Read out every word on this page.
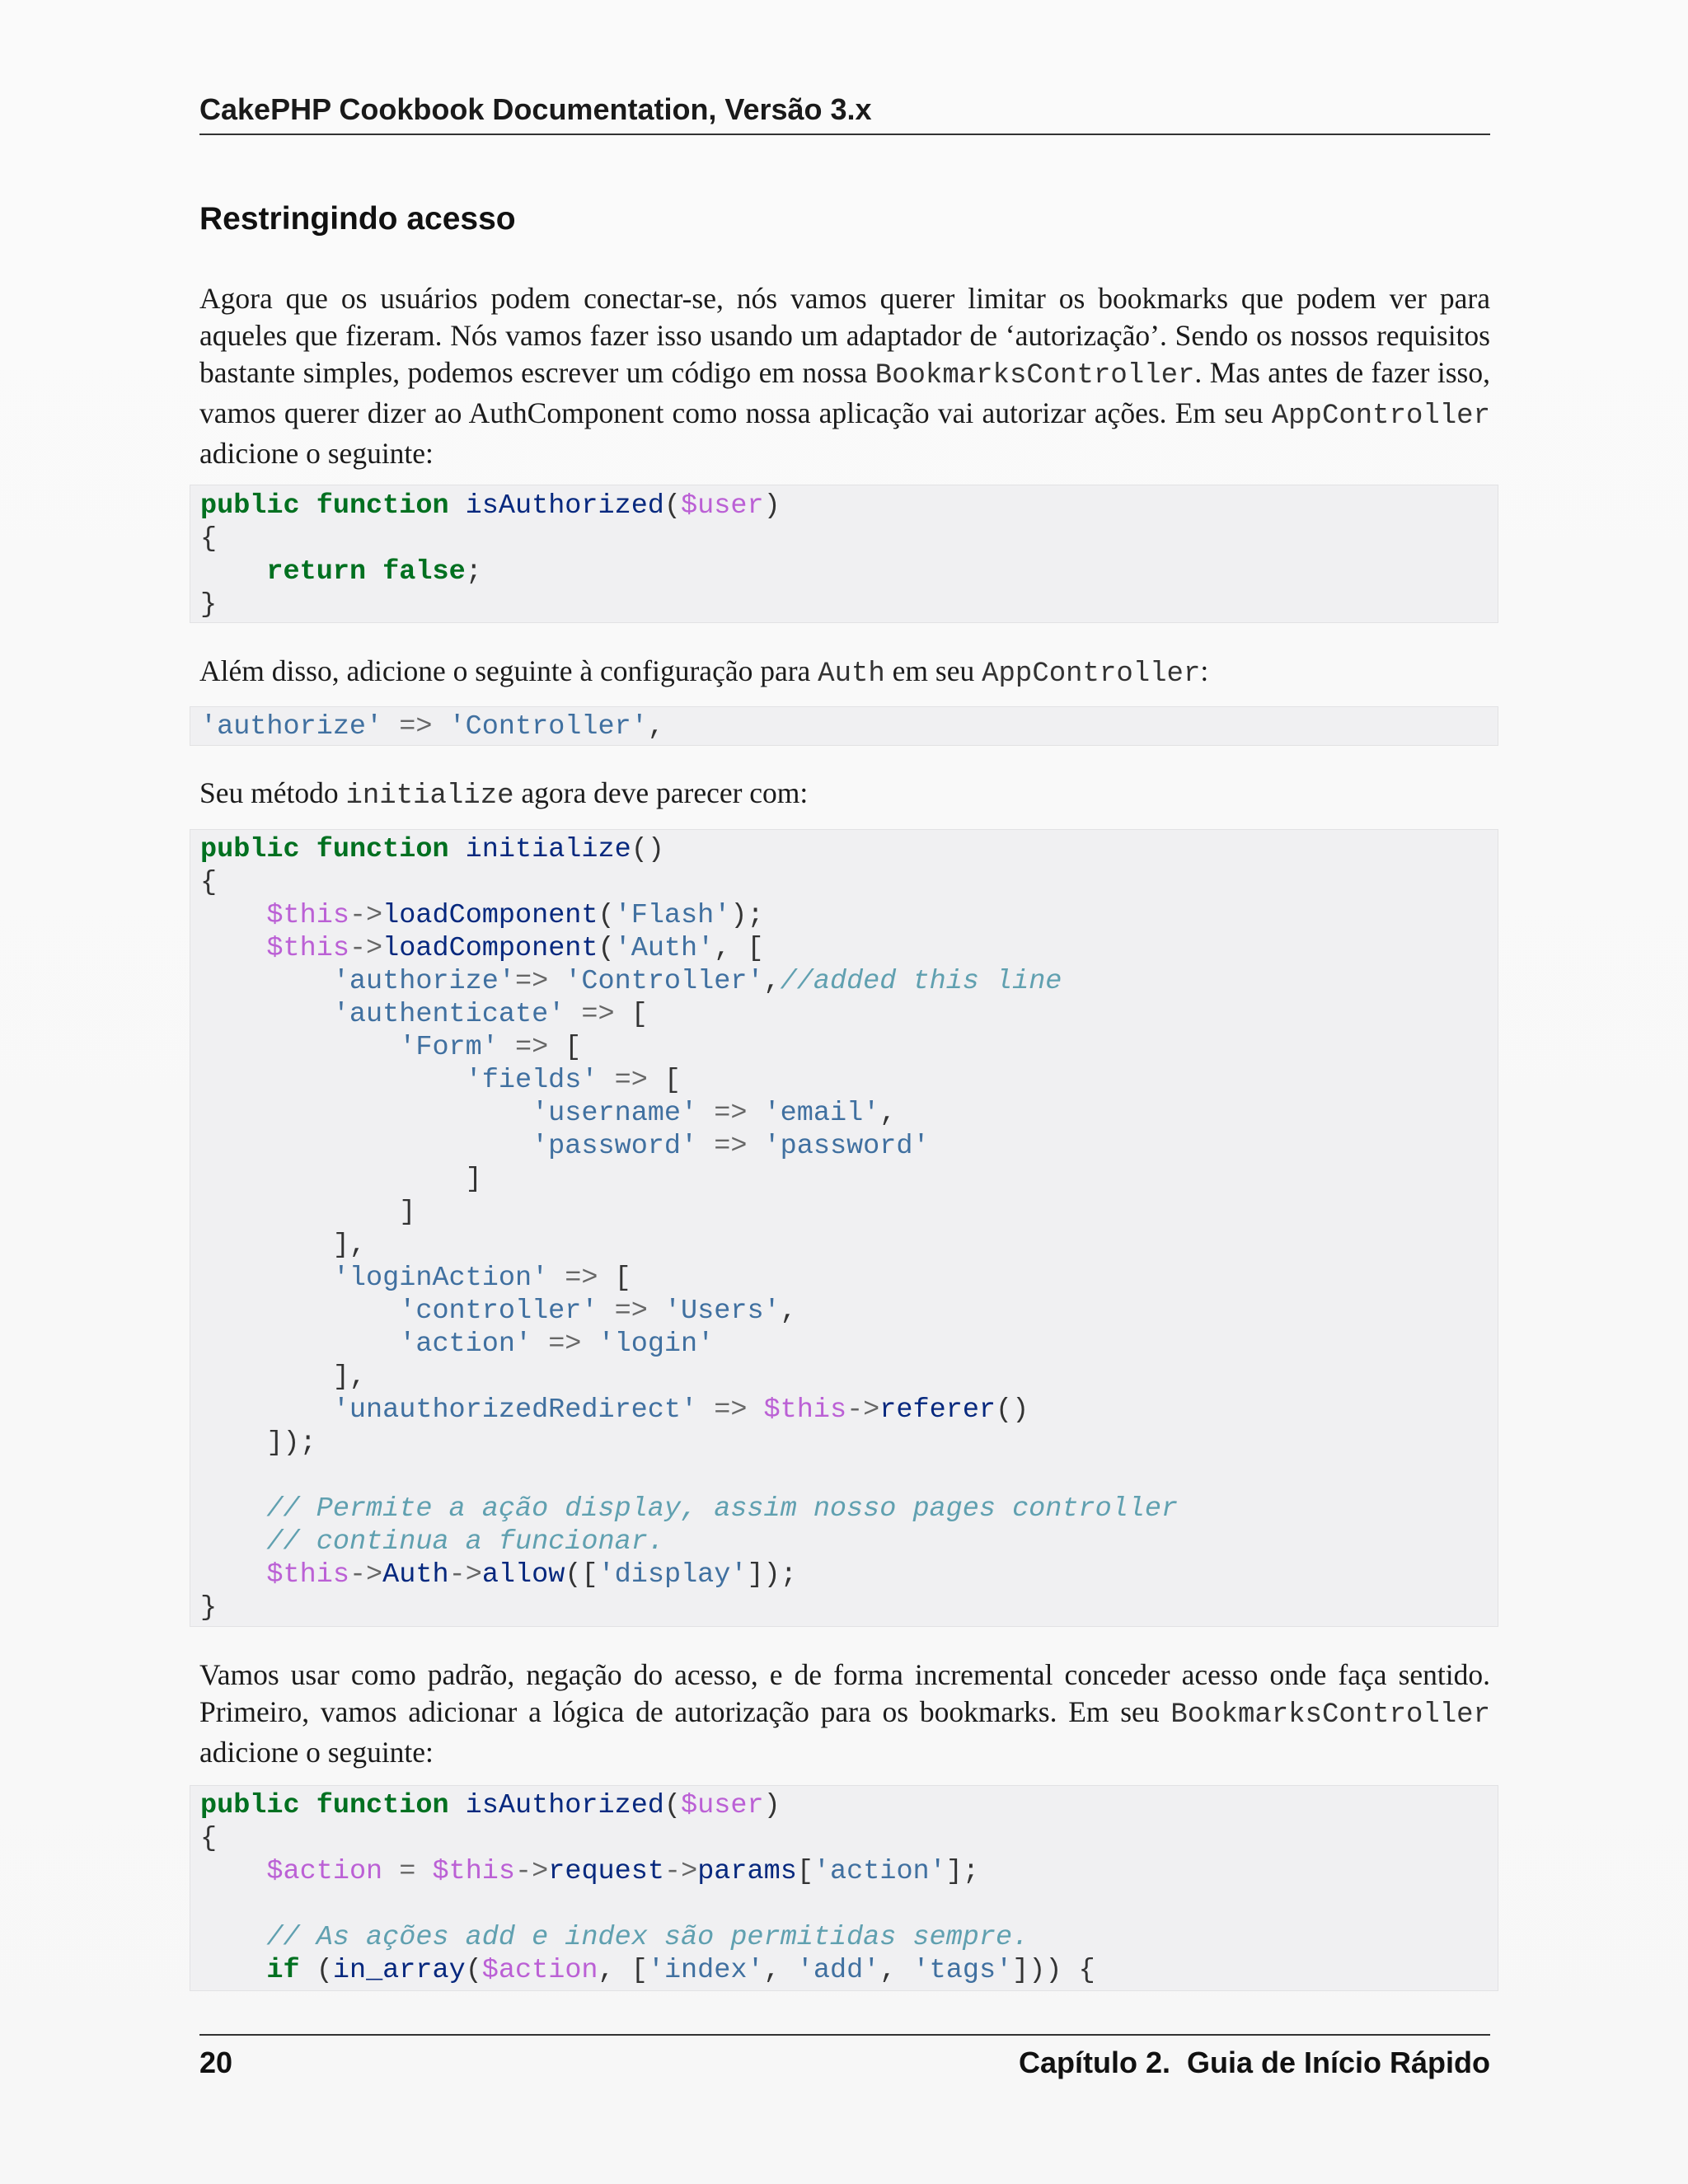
CakePHP Cookbook Documentation, Versão 3.x
Restringindo acesso

Agora que os usuários podem conectar-se, nós vamos querer limitar os bookmarks que podem ver para aqueles que fizeram. Nós vamos fazer isso usando um adaptador de ‘autorização’. Sendo os nossos requisitos bastante simples, podemos escrever um código em nossa BookmarksController. Mas antes de fazer isso, vamos querer dizer ao AuthComponent como nossa aplicação vai autorizar ações. Em seu AppController adicione o seguinte:

public function isAuthorized($user)
{
return false;
}

Além disso, adicione o seguinte à configuração para Auth em seu AppController:

'authorize' => 'Controller',

Seu método initialize agora deve parecer com:

public function initialize()
{
$this->loadComponent('Flash');
$this->loadComponent('Auth', [
'authorize'=> 'Controller',//added this line
'authenticate' => [
'Form' => [
'fields' => [
'username' => 'email',
'password' => 'password'
]
]
],
'loginAction' => [
'controller' => 'Users',
'action' => 'login'
],
'unauthorizedRedirect' => $this->referer()
]);

// Permite a ação display, assim nosso pages controller
// continua a funcionar.
$this->Auth->allow(['display']);
}

Vamos usar como padrão, negação do acesso, e de forma incremental conceder acesso onde faça sentido. Primeiro, vamos adicionar a lógica de autorização para os bookmarks. Em seu BookmarksController adicione o seguinte:

public function isAuthorized($user)
{
$action = $this->request->params['action'];

// As ações add e index são permitidas sempre.
if (in_array($action, ['index', 'add', 'tags'])) {
20	Capítulo 2.  Guia de Início Rápido
